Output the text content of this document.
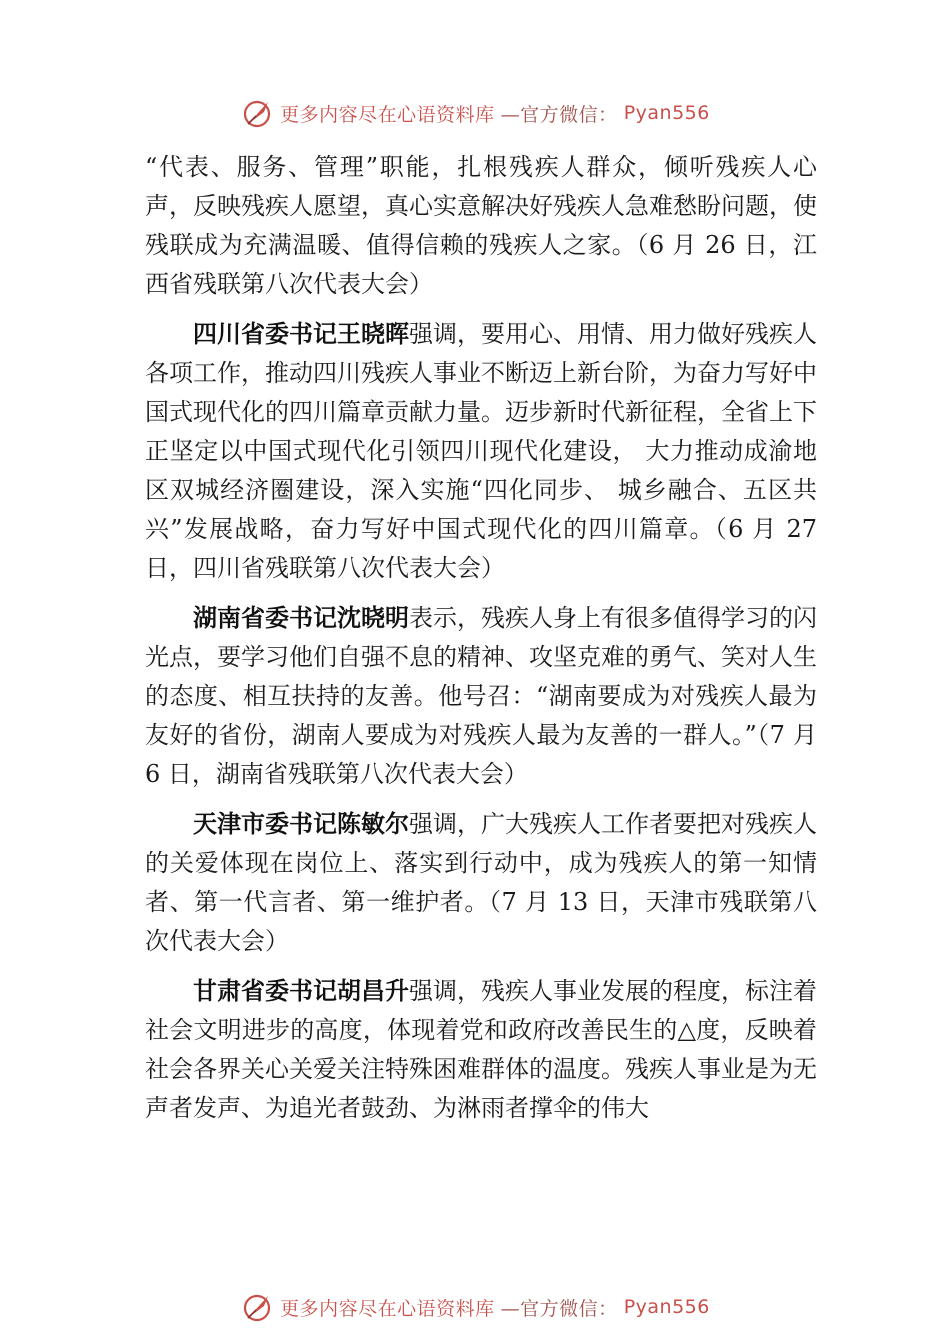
更多内容尽在心语资料库 —官方微信： Pyan556

“代表、服务、管理”职能，扎根残疾人群众，倾听残疾人心声，反映残疾人愿望，真心实意解决好残疾人急难愁盼问题，使残联成为充满温暖、值得信赖的残疾人之家。（6 月 26 日，江西省残联第八次代表大会）

四川省委书记王晓晖强调，要用心、用情、用力做好残疾人各项工作，推动四川残疾人事业不断迈上新台阶，为奋力写好中国式现代化的四川篇章贡献力量。迈步新时代新征程，全省上下正坚定以中国式现代化引领四川现代化建设， 大力推动成渝地区双城经济圈建设，深入实施“四化同步、 城乡融合、五区共兴”发展战略，奋力写好中国式现代化的四川篇章。（6 月 27 日，四川省残联第八次代表大会）

湖南省委书记沈晓明表示，残疾人身上有很多值得学习的闪光点，要学习他们自强不息的精神、攻坚克难的勇气、笑对人生的态度、相互扶持的友善。他号召：“湖南要成为对残疾人最为友好的省份，湖南人要成为对残疾人最为友善的一群人。”（7 月 6 日，湖南省残联第八次代表大会）

天津市委书记陈敏尔强调，广大残疾人工作者要把对残疾人的关爱体现在岗位上、落实到行动中，成为残疾人的第一知情者、第一代言者、第一维护者。（7 月 13 日，天津市残联第八次代表大会）

甘肃省委书记胡昌升强调，残疾人事业发展的程度，标注着社会文明进步的高度，体现着党和政府改善民生的△度，反映着社会各界关心关爱关注特殊困难群体的温度。残疾人事业是为无声者发声、为追光者鼓劲、为淋雨者撑伞的伟大

更多内容尽在心语资料库 —官方微信： Pyan556
